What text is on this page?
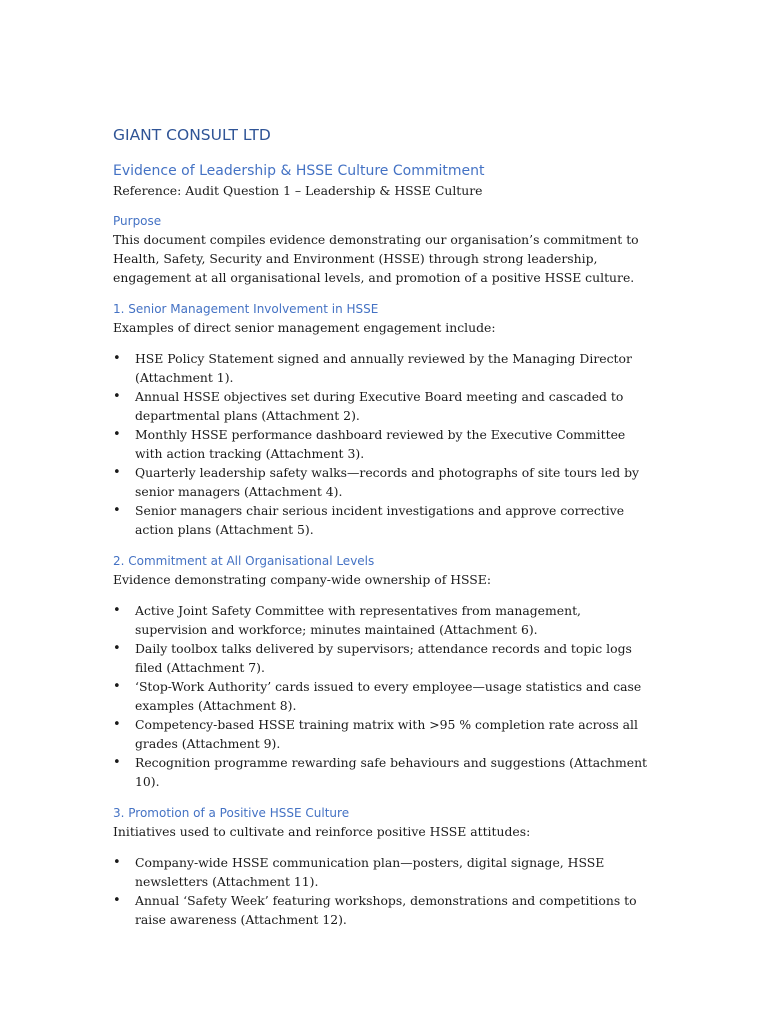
GIANT CONSULT LTD
Evidence of Leadership & HSSE Culture Commitment

Reference: Audit Question 1 – Leadership & HSSE Culture

Purpose

This document compiles evidence demonstrating our organisation’s commitment to Health, Safety, Security and Environment (HSSE) through strong leadership, engagement at all organisational levels, and promotion of a positive HSSE culture.

1. Senior Management Involvement in HSSE

Examples of direct senior management engagement include:

• HSE Policy Statement signed and annually reviewed by the Managing Director (Attachment 1).
• Annual HSSE objectives set during Executive Board meeting and cascaded to departmental plans (Attachment 2).
• Monthly HSSE performance dashboard reviewed by the Executive Committee with action tracking (Attachment 3).
• Quarterly leadership safety walks—records and photographs of site tours led by senior managers (Attachment 4).
• Senior managers chair serious incident investigations and approve corrective action plans (Attachment 5).
2. Commitment at All Organisational Levels

Evidence demonstrating company-wide ownership of HSSE:

• Active Joint Safety Committee with representatives from management, supervision and workforce; minutes maintained (Attachment 6).
• Daily toolbox talks delivered by supervisors; attendance records and topic logs filed (Attachment 7).
• ‘Stop-Work Authority’ cards issued to every employee—usage statistics and case examples (Attachment 8).
• Competency-based HSSE training matrix with >95 % completion rate across all grades (Attachment 9).
• Recognition programme rewarding safe behaviours and suggestions (Attachment 10).
3. Promotion of a Positive HSSE Culture

Initiatives used to cultivate and reinforce positive HSSE attitudes:

• Company-wide HSSE communication plan—posters, digital signage, HSSE newsletters (Attachment 11).
• Annual ‘Safety Week’ featuring workshops, demonstrations and competitions to raise awareness (Attachment 12).
